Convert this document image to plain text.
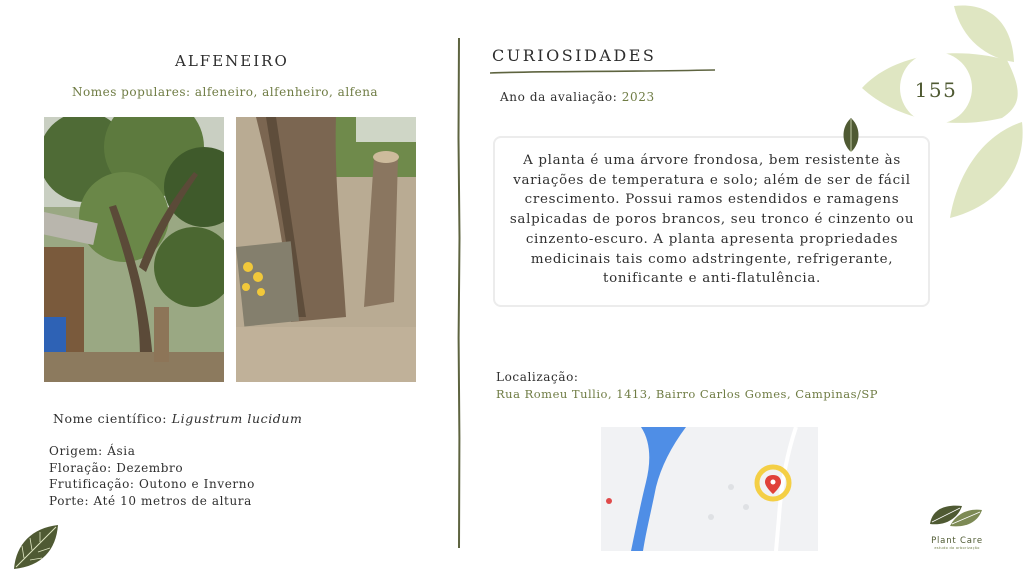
ALFENEIRO
Nomes populares: alfeneiro, alfenheiro, alfena
Nome científico: Ligustrum lucidum
Origem: Ásia
Floração: Dezembro
Frutificação: Outono e Inverno
Porte: Até 10 metros de altura
CURIOSIDADES
Ano da avaliação: 2023
A planta é uma árvore frondosa, bem resistente às variações de temperatura e solo; além de ser de fácil crescimento. Possui ramos estendidos e ramagens salpicadas de poros brancos, seu tronco é cinzento ou cinzento-escuro. A planta apresenta propriedades medicinais tais como adstringente, refrigerante, tonificante e anti-flatulência.
Localização:
Rua Romeu Tullio, 1413, Bairro Carlos Gomes, Campinas/SP
155
Plant Care
estudo da arborização
